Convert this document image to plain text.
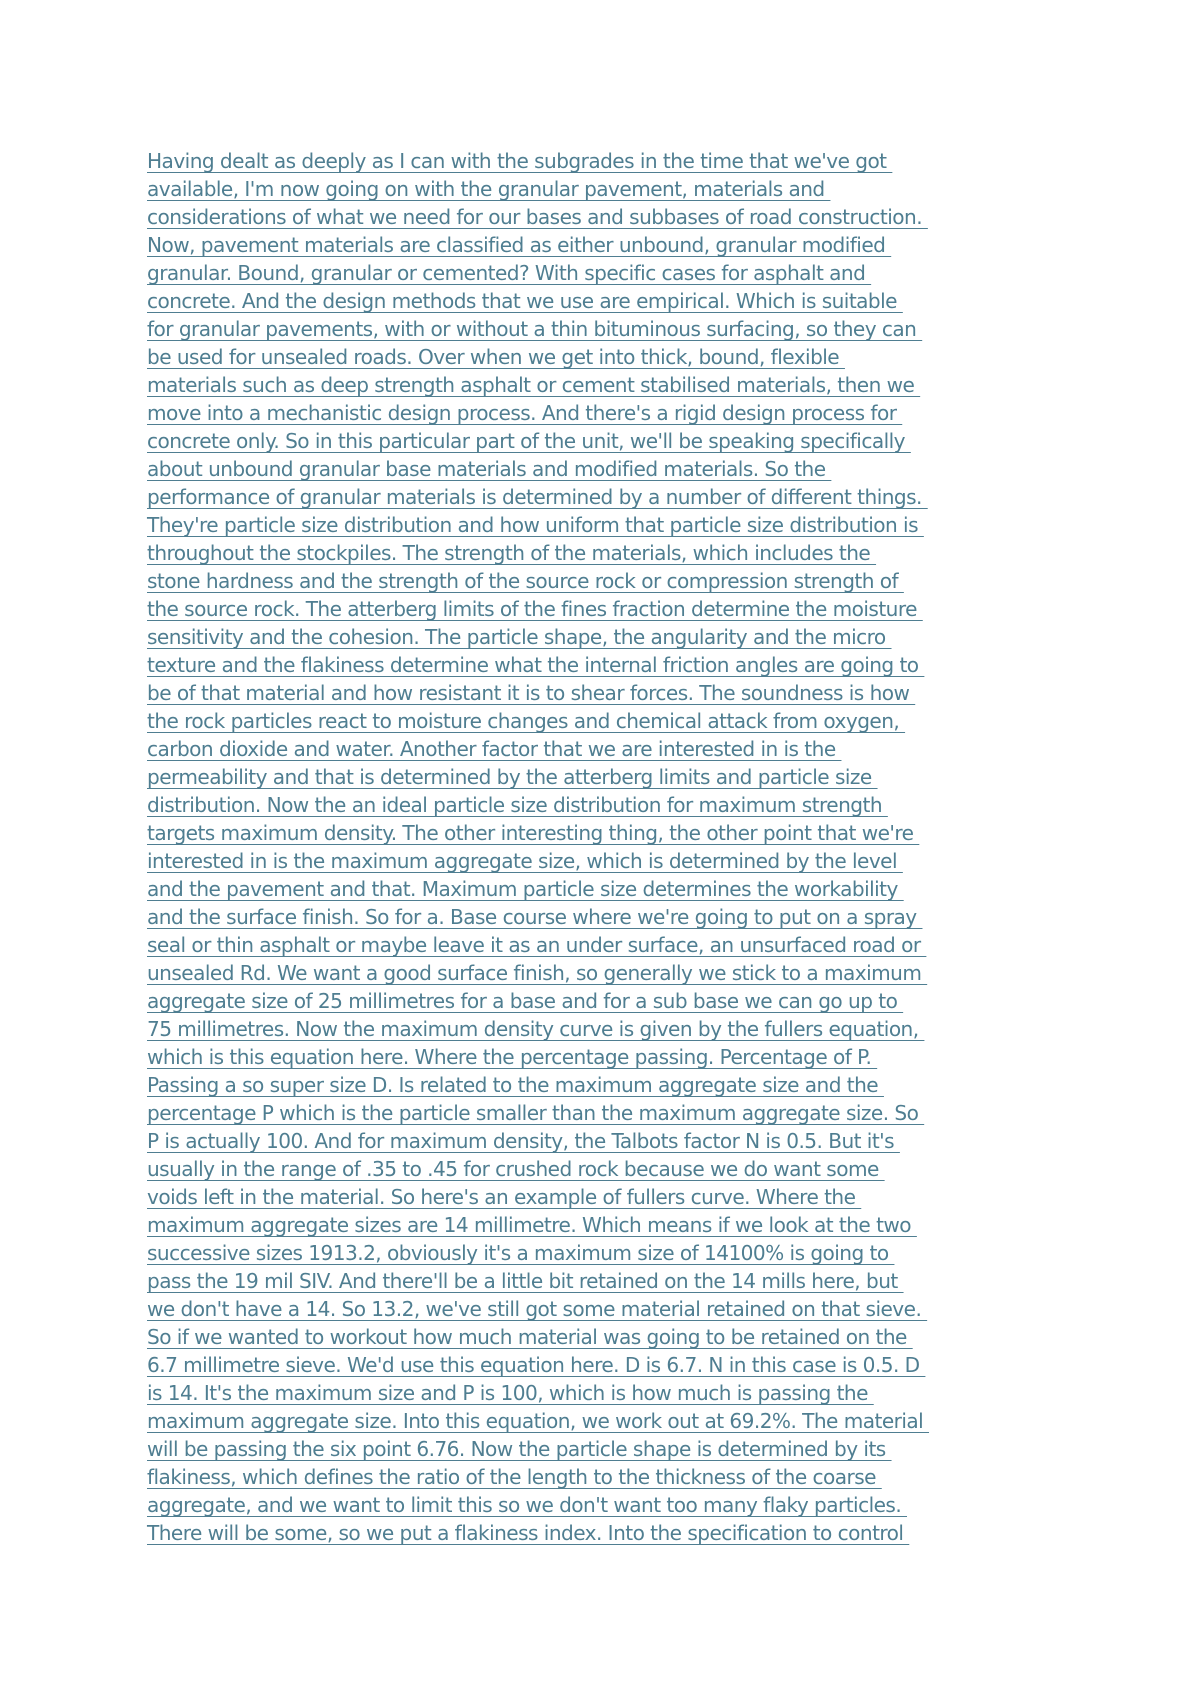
Having dealt as deeply as I can with the subgrades in the time that we've got
available, I'm now going on with the granular pavement, materials and
considerations of what we need for our bases and subbases of road construction.
Now, pavement materials are classified as either unbound, granular modified
granular. Bound, granular or cemented? With specific cases for asphalt and
concrete. And the design methods that we use are empirical. Which is suitable
for granular pavements, with or without a thin bituminous surfacing, so they can
be used for unsealed roads. Over when we get into thick, bound, flexible
materials such as deep strength asphalt or cement stabilised materials, then we
move into a mechanistic design process. And there's a rigid design process for
concrete only. So in this particular part of the unit, we'll be speaking specifically
about unbound granular base materials and modified materials. So the
performance of granular materials is determined by a number of different things.
They're particle size distribution and how uniform that particle size distribution is
throughout the stockpiles. The strength of the materials, which includes the
stone hardness and the strength of the source rock or compression strength of
the source rock. The atterberg limits of the fines fraction determine the moisture
sensitivity and the cohesion. The particle shape, the angularity and the micro
texture and the flakiness determine what the internal friction angles are going to
be of that material and how resistant it is to shear forces. The soundness is how
the rock particles react to moisture changes and chemical attack from oxygen,
carbon dioxide and water. Another factor that we are interested in is the
permeability and that is determined by the atterberg limits and particle size
distribution. Now the an ideal particle size distribution for maximum strength
targets maximum density. The other interesting thing, the other point that we're
interested in is the maximum aggregate size, which is determined by the level
and the pavement and that. Maximum particle size determines the workability
and the surface finish. So for a. Base course where we're going to put on a spray
seal or thin asphalt or maybe leave it as an under surface, an unsurfaced road or
unsealed Rd. We want a good surface finish, so generally we stick to a maximum
aggregate size of 25 millimetres for a base and for a sub base we can go up to
75 millimetres. Now the maximum density curve is given by the fullers equation,
which is this equation here. Where the percentage passing. Percentage of P.
Passing a so super size D. Is related to the maximum aggregate size and the
percentage P which is the particle smaller than the maximum aggregate size. So
P is actually 100. And for maximum density, the Talbots factor N is 0.5. But it's
usually in the range of .35 to .45 for crushed rock because we do want some
voids left in the material. So here's an example of fullers curve. Where the
maximum aggregate sizes are 14 millimetre. Which means if we look at the two
successive sizes 1913.2, obviously it's a maximum size of 14100% is going to
pass the 19 mil SIV. And there'll be a little bit retained on the 14 mills here, but
we don't have a 14. So 13.2, we've still got some material retained on that sieve.
So if we wanted to workout how much material was going to be retained on the
6.7 millimetre sieve. We'd use this equation here. D is 6.7. N in this case is 0.5. D
is 14. It's the maximum size and P is 100, which is how much is passing the
maximum aggregate size. Into this equation, we work out at 69.2%. The material
will be passing the six point 6.76. Now the particle shape is determined by its
flakiness, which defines the ratio of the length to the thickness of the coarse
aggregate, and we want to limit this so we don't want too many flaky particles.
There will be some, so we put a flakiness index. Into the specification to control
